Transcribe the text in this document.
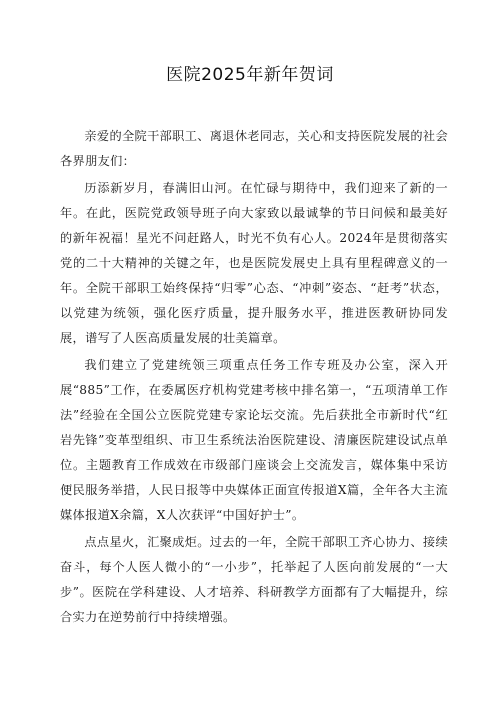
医院2025年新年贺词

亲爱的全院干部职工、离退休老同志，关心和支持医院发展的社会各界朋友们：

历添新岁月，春满旧山河。在忙碌与期待中，我们迎来了新的一年。在此，医院党政领导班子向大家致以最诚挚的节日问候和最美好的新年祝福！星光不问赶路人，时光不负有心人。2024年是贯彻落实党的二十大精神的关键之年，也是医院发展史上具有里程碑意义的一年。全院干部职工始终保持“归零”心态、“冲刺”姿态、“赶考”状态，以党建为统领，强化医疗质量，提升服务水平，推进医教研协同发展，谱写了人医高质量发展的壮美篇章。

我们建立了党建统领三项重点任务工作专班及办公室，深入开展“885”工作，在委属医疗机构党建考核中排名第一，“五项清单工作法”经验在全国公立医院党建专家论坛交流。先后获批全市新时代“红岩先锋”变革型组织、市卫生系统法治医院建设、清廉医院建设试点单位。主题教育工作成效在市级部门座谈会上交流发言，媒体集中采访便民服务举措，人民日报等中央媒体正面宣传报道X篇，全年各大主流媒体报道X余篇，X人次获评“中国好护士”。

点点星火，汇聚成炬。过去的一年，全院干部职工齐心协力、接续奋斗，每个人医人微小的“一小步”，托举起了人医向前发展的“一大步”。医院在学科建设、人才培养、科研教学方面都有了大幅提升，综合实力在逆势前行中持续增强。
